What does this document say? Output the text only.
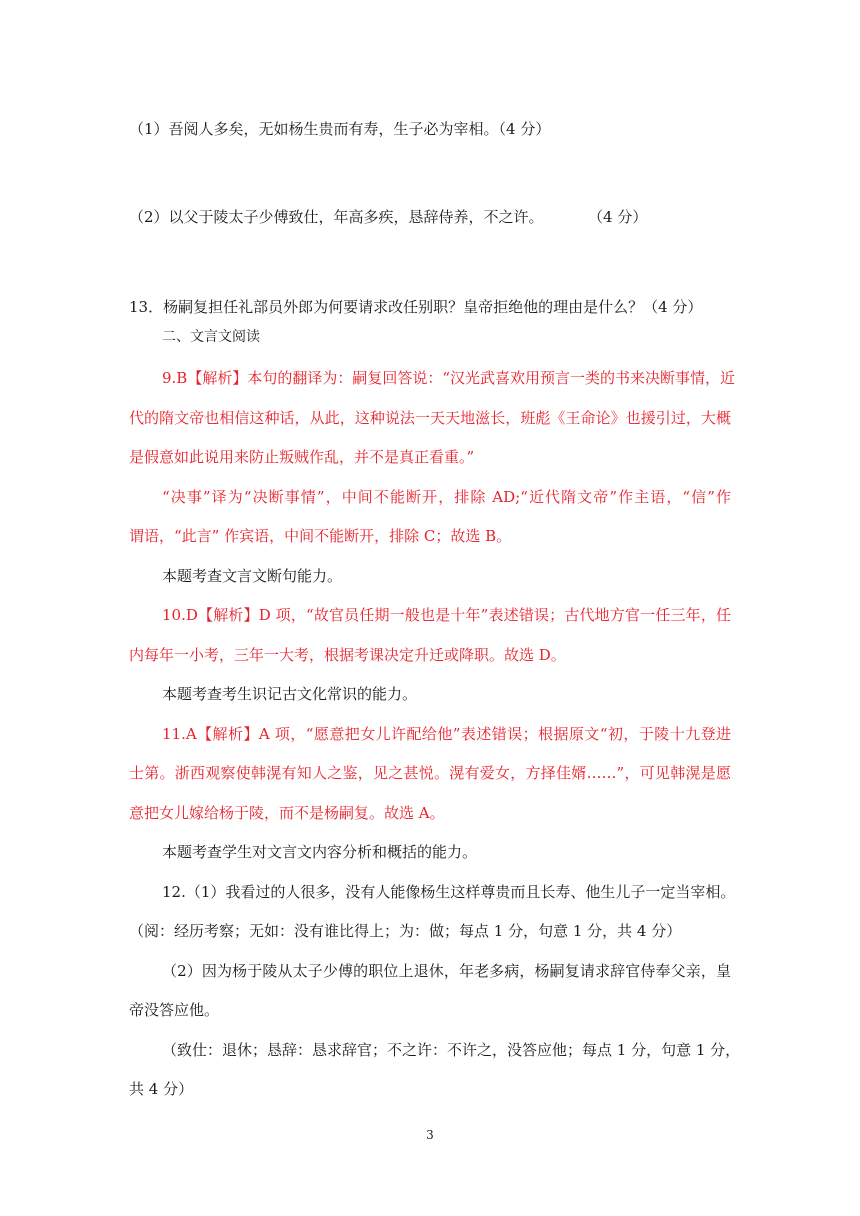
（1）吾阅人多矣，无如杨生贵而有寿，生子必为宰相。（4 分）
（2）以父于陵太子少傅致仕，年高多疾，恳辞侍养，不之许。	（4 分）
13．杨嗣复担任礼部员外郎为何要请求改任别职？皇帝拒绝他的理由是什么？（4 分）
二、文言文阅读
9.B【解析】本句的翻译为：嗣复回答说：“汉光武喜欢用预言一类的书来决断事情，近
代的隋文帝也相信这种话，从此，这种说法一天天地滋长，班彪《王命论》也援引过，大概
是假意如此说用来防止叛贼作乱，并不是真正看重。”
“决事”译为“决断事情”，中间不能断开，排除 AD;“近代隋文帝”作主语，“信”作
谓语，“此言” 作宾语，中间不能断开，排除 C；故选 B。
本题考查文言文断句能力。
10.D【解析】D 项，“故官员任期一般也是十年”表述错误；古代地方官一任三年，任
内每年一小考，三年一大考，根据考课决定升迁或降职。故选 D。
本题考查考生识记古文化常识的能力。
11.A【解析】A 项，“愿意把女儿许配给他”表述错误；根据原文“初，于陵十九登进
士第。浙西观察使韩滉有知人之鉴，见之甚悦。滉有爱女，方择佳婿……”，可见韩滉是愿
意把女儿嫁给杨于陵，而不是杨嗣复。故选 A。
本题考查学生对文言文内容分析和概括的能力。
12.（1）我看过的人很多，没有人能像杨生这样尊贵而且长寿、他生儿子一定当宰相。
（阅：经历考察；无如：没有谁比得上；为：做；每点 1 分，句意 1 分，共 4 分）
（2）因为杨于陵从太子少傅的职位上退休，年老多病，杨嗣复请求辞官侍奉父亲，皇
帝没答应他。
（致仕：退休；恳辞：恳求辞官；不之许：不许之，没答应他；每点 1 分，句意 1 分，
共 4 分）
3
